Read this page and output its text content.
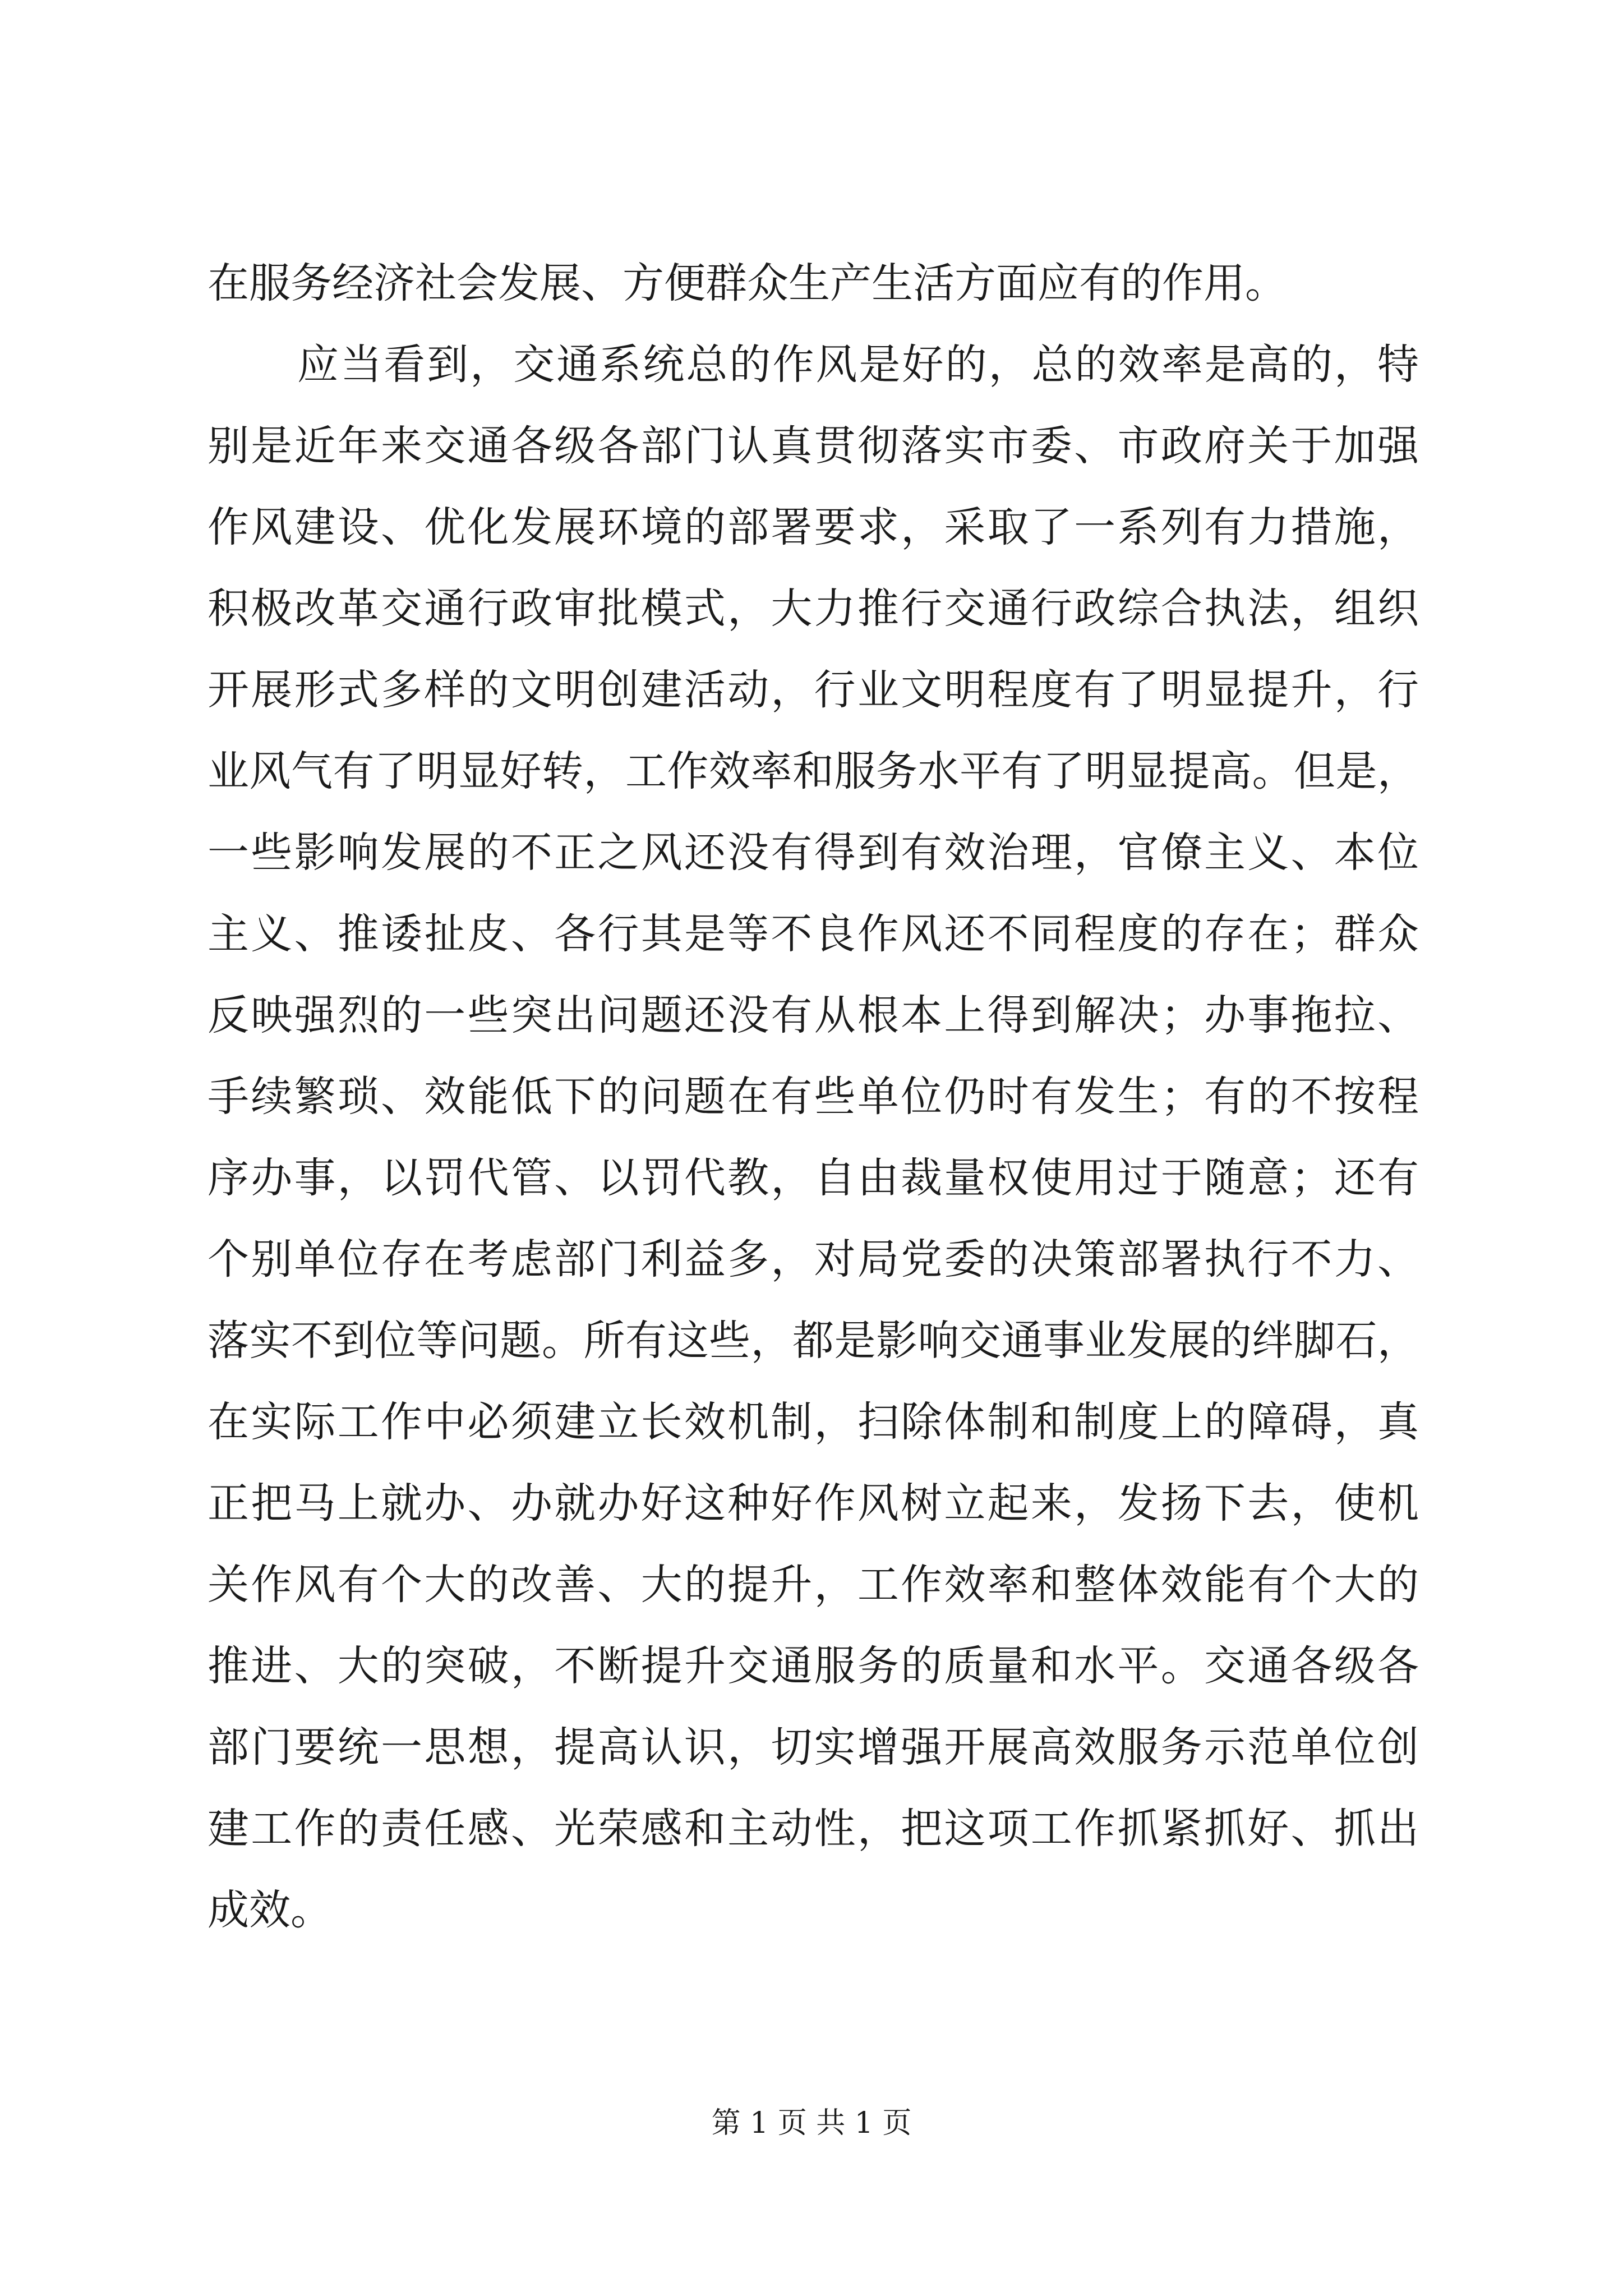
在服务经济社会发展、方便群众生产生活方面应有的作用。
应当看到，交通系统总的作风是好的，总的效率是高的，特
别是近年来交通各级各部门认真贯彻落实市委、市政府关于加强
作风建设、优化发展环境的部署要求，采取了一系列有力措施，
积极改革交通行政审批模式，大力推行交通行政综合执法，组织
开展形式多样的文明创建活动，行业文明程度有了明显提升，行
业风气有了明显好转，工作效率和服务水平有了明显提高。但是，
一些影响发展的不正之风还没有得到有效治理，官僚主义、本位
主义、推诿扯皮、各行其是等不良作风还不同程度的存在；群众
反映强烈的一些突出问题还没有从根本上得到解决；办事拖拉、
手续繁琐、效能低下的问题在有些单位仍时有发生；有的不按程
序办事，以罚代管、以罚代教，自由裁量权使用过于随意；还有
个别单位存在考虑部门利益多，对局党委的决策部署执行不力、
落实不到位等问题。所有这些，都是影响交通事业发展的绊脚石，
在实际工作中必须建立长效机制，扫除体制和制度上的障碍，真
正把马上就办、办就办好这种好作风树立起来，发扬下去，使机
关作风有个大的改善、大的提升，工作效率和整体效能有个大的
推进、大的突破，不断提升交通服务的质量和水平。交通各级各
部门要统一思想，提高认识，切实增强开展高效服务示范单位创
建工作的责任感、光荣感和主动性，把这项工作抓紧抓好、抓出
成效。
第 1 页 共 1 页
